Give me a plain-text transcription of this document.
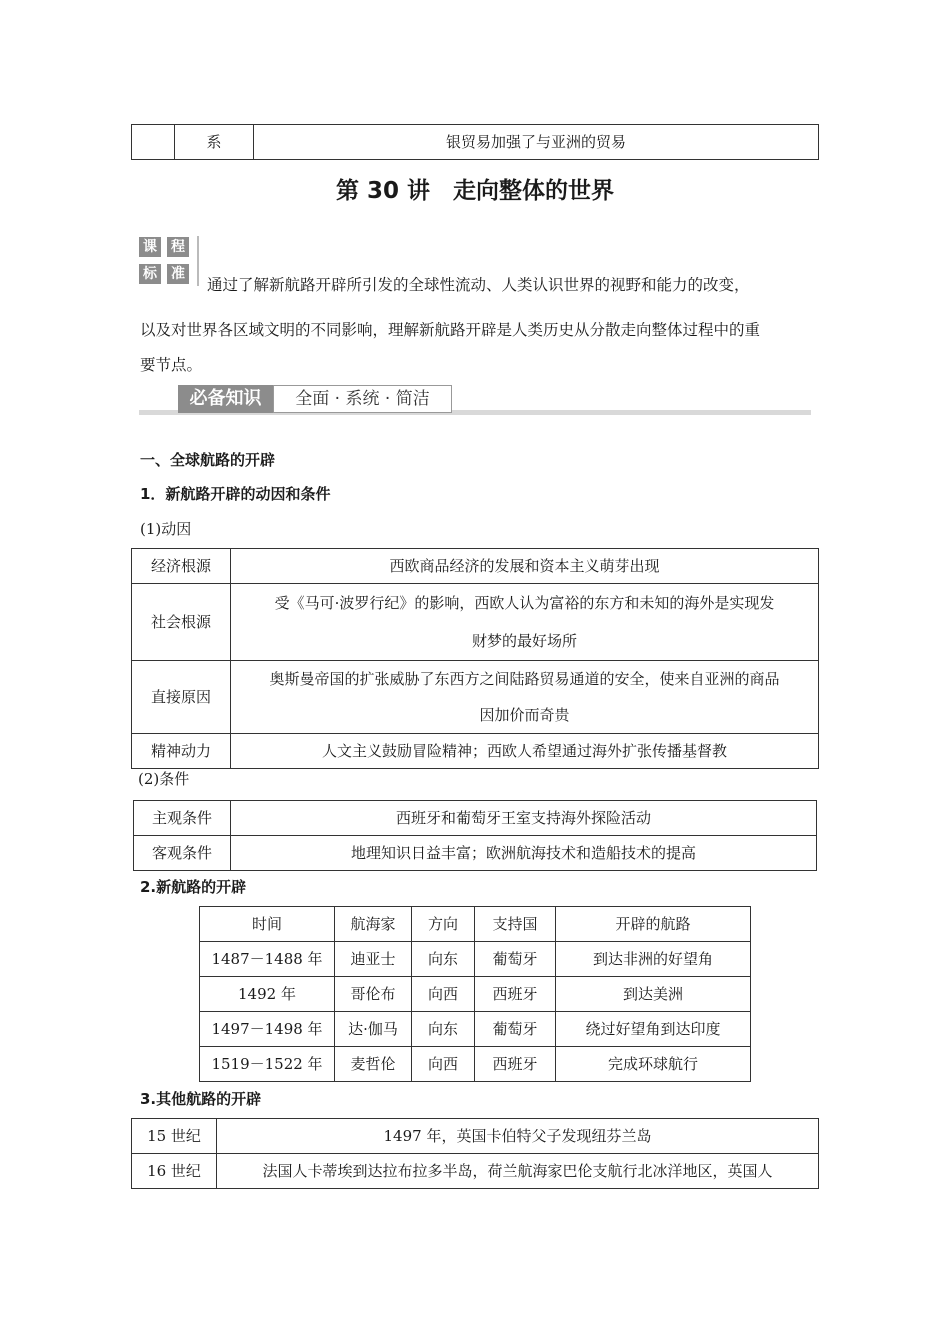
	系	银贸易加强了与亚洲的贸易
第 30 讲　走向整体的世界
课 程
标 准
通过了解新航路开辟所引发的全球性流动、人类认识世界的视野和能力的改变，
以及对世界各区域文明的不同影响，理解新航路开辟是人类历史从分散走向整体过程中的重
要节点。
必备知识	全面 · 系统 · 简洁
一、全球航路的开辟
1．新航路开辟的动因和条件
(1)动因
经济根源	西欧商品经济的发展和资本主义萌芽出现
社会根源	受《马可·波罗行纪》的影响，西欧人认为富裕的东方和未知的海外是实现发
财梦的最好场所

直接原因	奥斯曼帝国的扩张威胁了东西方之间陆路贸易通道的安全，使来自亚洲的商品
因加价而奇贵

精神动力	人文主义鼓励冒险精神；西欧人希望通过海外扩张传播基督教
(2)条件
主观条件	西班牙和葡萄牙王室支持海外探险活动
客观条件	地理知识日益丰富；欧洲航海技术和造船技术的提高
2.新航路的开辟
时间	航海家	方向	支持国	开辟的航路
1487－1488 年	迪亚士	向东	葡萄牙	到达非洲的好望角
1492 年	哥伦布	向西	西班牙	到达美洲
1497－1498 年	达·伽马	向东	葡萄牙	绕过好望角到达印度
1519－1522 年	麦哲伦	向西	西班牙	完成环球航行
3.其他航路的开辟
15 世纪	1497 年，英国卡伯特父子发现纽芬兰岛
16 世纪	法国人卡蒂埃到达拉布拉多半岛，荷兰航海家巴伦支航行北冰洋地区，英国人
